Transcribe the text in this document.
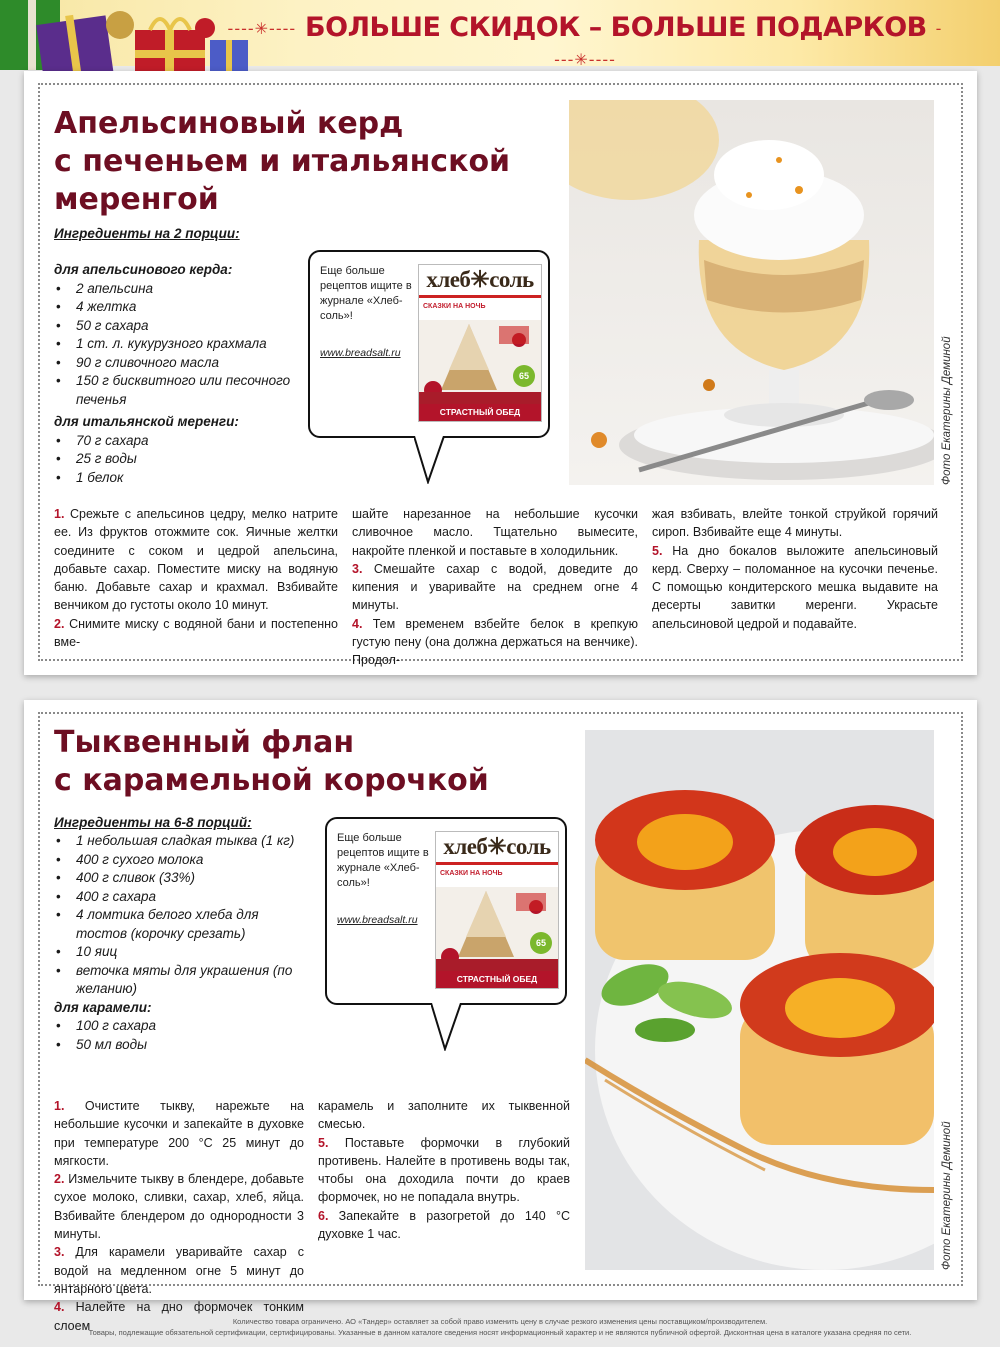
----✳---- БОЛЬШЕ СКИДОК – БОЛЬШЕ ПОДАРКОВ ----✳----
Апельсиновый керд
с печеньем и итальянской
меренгой
Ингредиенты на 2 порции:
для апельсинового керда:
• 2 апельсина
• 4 желтка
• 50 г сахара
• 1 ст. л. кукурузного крахмала
• 90 г сливочного масла
• 150 г бисквитного или песочного печенья
для итальянской меренги:
• 70 г сахара
• 25 г воды
• 1 белок
Еще больше рецептов ищите в журнале «Хлеб-соль»!
www.breadsalt.ru
хлеб✳соль
СКАЗКИ НА НОЧЬ
65
СТРАСТНЫЙ ОБЕД	Фото Екатерины Деминой

1. Срежьте с апельсинов цедру, мелко натрите ее. Из фруктов отожмите сок. Яичные желтки соедините с соком и цедрой апельсина, добавьте сахар. Поместите миску на водяную баню. Добавьте сахар и крахмал. Взбивайте венчиком до густоты около 10 минут.

2. Снимите миску с водяной бани и постепенно вме-

шайте нарезанное на небольшие кусочки сливочное масло. Тщательно вымесите, накройте пленкой и поставьте в холодильник.

3. Смешайте сахар с водой, доведите до кипения и уваривайте на среднем огне 4 минуты.

4. Тем временем взбейте белок в крепкую густую пену (она должна держаться на венчике). Продол-

жая взбивать, влейте тонкой струйкой горячий сироп. Взбивайте еще 4 минуты.

5. На дно бокалов выложите апельсиновый керд. Сверху – поломанное на кусочки печенье. С помощью кондитерского мешка выдавите на десерты завитки меренги. Украсьте апельсиновой цедрой и подавайте.

Тыквенный флан
с карамельной корочкой
Ингредиенты на 6-8 порций:
• 1 небольшая сладкая тыква (1 кг)
• 400 г сухого молока
• 400 г сливок (33%)
• 400 г сахара
• 4 ломтика белого хлеба для тостов (корочку срезать)
• 10 яиц
• веточка мяты для украшения (по желанию)
для карамели:
• 100 г сахара
• 50 мл воды
Еще больше рецептов ищите в журнале «Хлеб-соль»!
www.breadsalt.ru
хлеб✳соль
СКАЗКИ НА НОЧЬ
65
СТРАСТНЫЙ ОБЕД
Фото Екатерины Деминой

1. Очистите тыкву, нарежьте на небольшие кусочки и запекайте в духовке при температуре 200 °С 25 минут до мягкости.

2. Измельчите тыкву в блендере, добавьте сухое молоко, сливки, сахар, хлеб, яйца. Взбивайте блендером до однородности 3 минуты.

3. Для карамели уваривайте сахар с водой на медленном огне 5 минут до янтарного цвета.

4. Налейте на дно формочек тонким слоем

карамель и заполните их тыквенной смесью.

5. Поставьте формочки в глубокий противень. Налейте в противень воды так, чтобы она доходила почти до краев формочек, но не попадала внутрь.

6. Запекайте в разогретой до 140 °С духовке 1 час.

Количество товара ограничено. АО «Тандер» оставляет за собой право изменить цену в случае резкого изменения цены поставщиком/производителем.
Товары, подлежащие обязательной сертификации, сертифицированы. Указанные в данном каталоге сведения носят информационный характер и не являются публичной офертой. Дисконтная цена в каталоге указана средняя по сети.
